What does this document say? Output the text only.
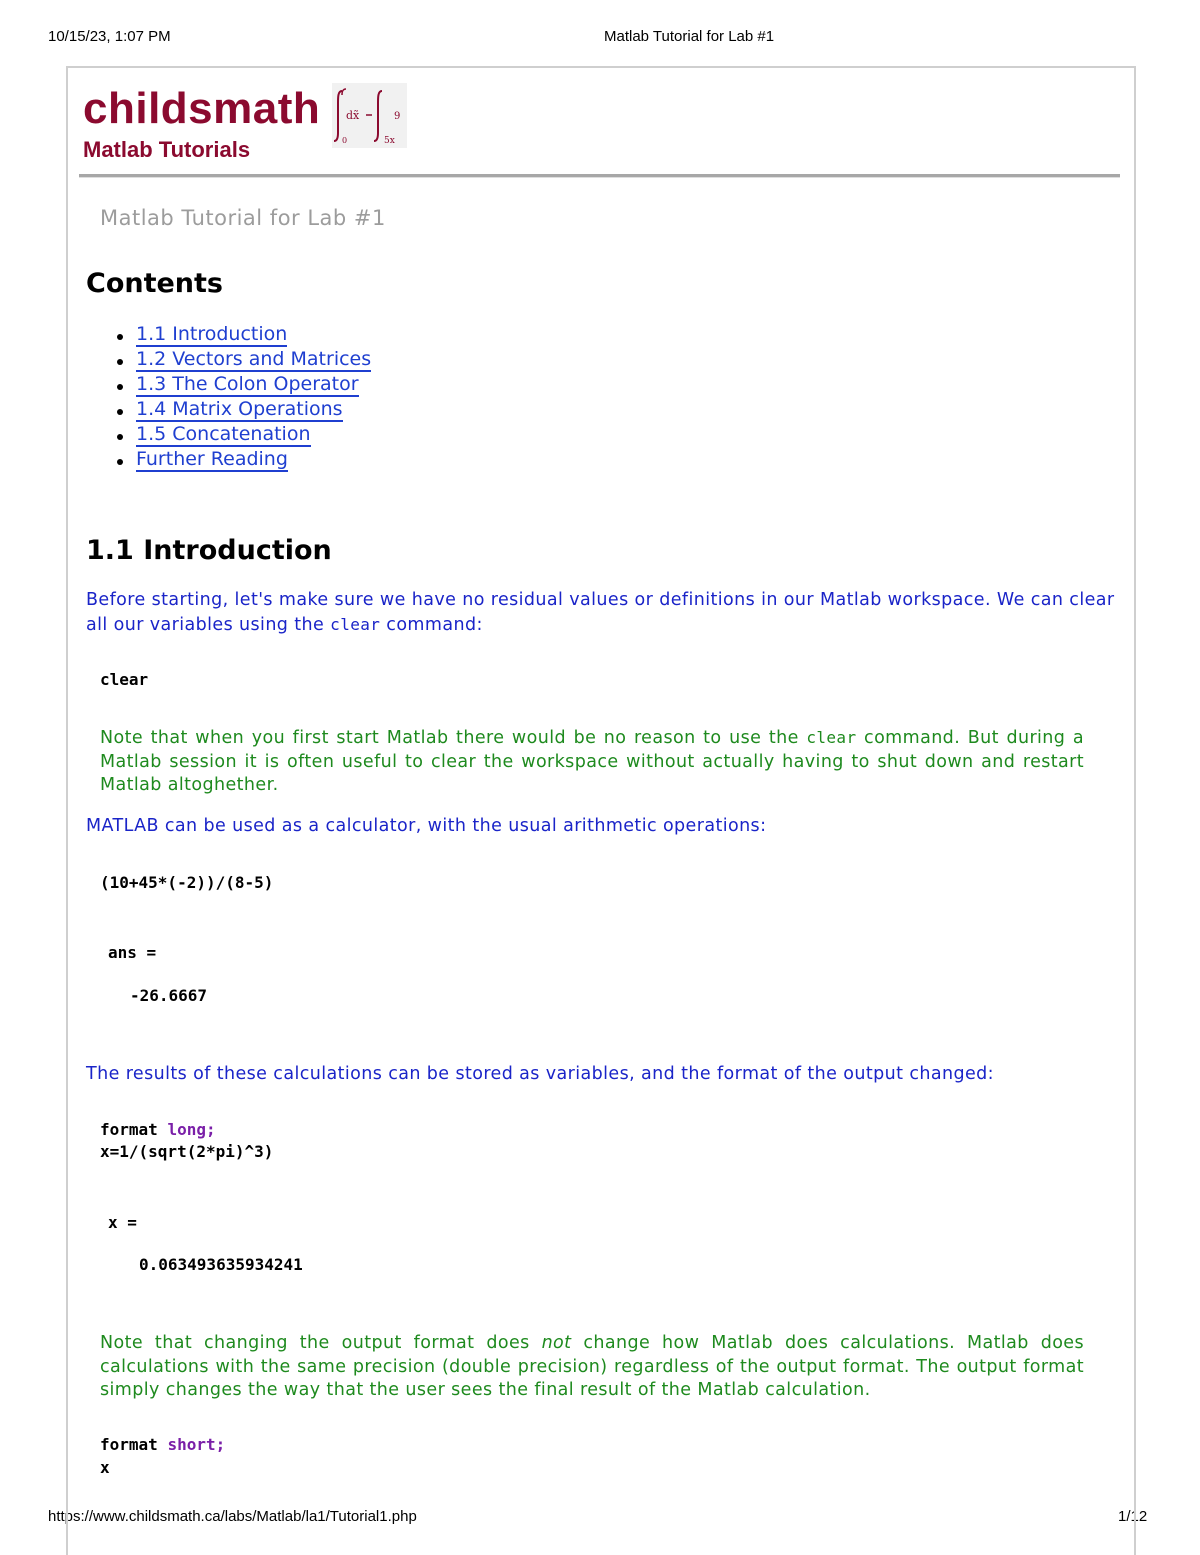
10/15/23, 1:07 PM	Matlab Tutorial for Lab #1
https://www.childsmath.ca/labs/Matlab/la1/Tutorial1.php	1/12
childsmath
Matlab Tutorials
dx̃	9
5x
0
Matlab Tutorial for Lab #1
Contents
1.1 Introduction
1.2 Vectors and Matrices
1.3 The Colon Operator
1.4 Matrix Operations
1.5 Concatenation
Further Reading
1.1 Introduction
Before starting, let's make sure we have no residual values or definitions in our Matlab workspace. We can clear all our variables using the clear command:
clear
Note that when you first start Matlab there would be no reason to use the clear command. But during a Matlab session it is often useful to clear the workspace without actually having to shut down and restart Matlab altoghether.
MATLAB can be used as a calculator, with the usual arithmetic operations:
(10+45*(-2))/(8-5)
ans =
-26.6667
The results of these calculations can be stored as variables, and the format of the output changed:
format long;
x=1/(sqrt(2*pi)^3)
x =
0.063493635934241
Note that changing the output format does not change how Matlab does calculations. Matlab does calculations with the same precision (double precision) regardless of the output format. The output format simply changes the way that the user sees the final result of the Matlab calculation.
format short;
x
